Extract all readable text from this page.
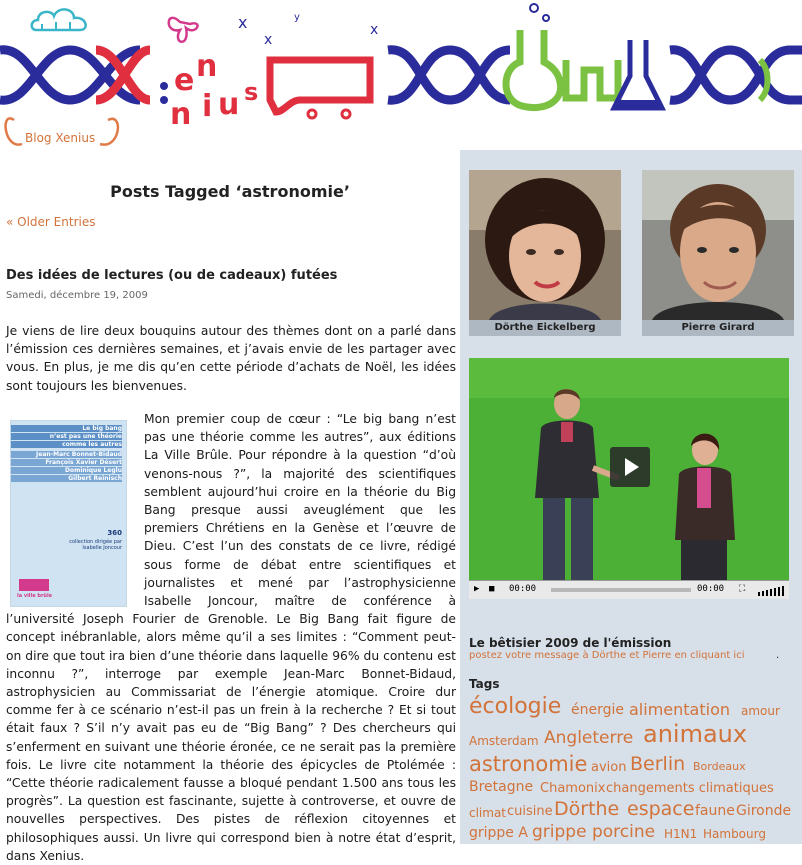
x
x
x
y
e n
n i u s
Blog Xenius
Posts Tagged ‘astronomie’
« Older Entries
Des idées de lectures (ou de cadeaux) futées
Samedi, décembre 19, 2009

Je viens de lire deux bouquins autour des thèmes dont on a parlé dans l’émission ces dernières semaines, et j’avais envie de les partager avec vous. En plus, je me dis qu’en cette période d’achats de Noël, les idées sont toujours les bienvenues.

Mon premier coup de cœur : “Le big bang n’est pas une théorie comme les autres”, aux éditions La Ville Brûle. Pour répondre à la question “d’où venons-nous ?”, la majorité des scientifiques semblent aujourd’hui croire en la théorie du Big Bang presque aussi aveuglément que les premiers Chrétiens en la Genèse et l’œuvre de Dieu. C’est l’un des constats de ce livre, rédigé sous forme de débat entre scientifiques et journalistes et mené par l’astrophysicienne Isabelle Joncour, maître de conférence à l’université Joseph Fourier de Grenoble. Le Big Bang fait figure de concept inébranlable, alors même qu’il a ses limites : “Comment peut-on dire que tout ira bien d’une théorie dans laquelle 96% du contenu est inconnu ?”, interroge par exemple Jean-Marc Bonnet-Bidaud, astrophysicien au Commissariat de l’énergie atomique. Croire dur comme fer à ce scénario n’est-il pas un frein à la recherche ? Et si tout était faux ? S’il n’y avait pas eu de “Big Bang” ? Des chercheurs qui s’enferment en suivant une théorie éronée, ce ne serait pas la première fois. Le livre cite notamment la théorie des épicycles de Ptolémée : “Cette théorie radicalement fausse a bloqué pendant 1.500 ans tous les progrès”. La question est fascinante, sujette à controverse, et ouvre de nouvelles perspectives. Des pistes de réflexion citoyennes et philosophiques aussi. Un livre qui correspond bien à notre état d’esprit, dans Xenius.

Le big bang
n’est pas une théorie
comme les autres
Jean-Marc Bonnet-Bidaud
François Xavier Désert
Dominique Leglu
Gilbert Reinisch
360
collection dirigée par
Isabelle Joncour
la ville brûle
Dörthe Eickelberg	Pierre Girard
▶ ■ 00:00	00:00 ⛶
Le bêtisier 2009 de l'émission
postez votre message à Dörthe et Pierre en cliquant ici	.
Tags
écologie énergie alimentation amour
Amsterdam Angleterre animaux
astronomie avion Berlin Bordeaux
Bretagne Chamonix changements climatiques
climat cuisine Dörthe espace faune Gironde
grippe A grippe porcine H1N1 Hambourg
